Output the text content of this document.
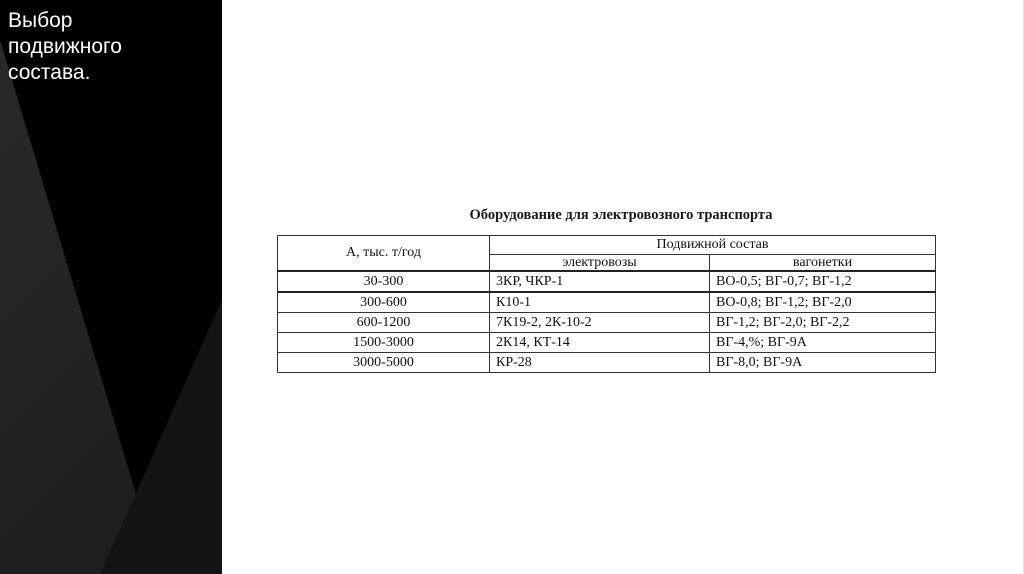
Выбор
подвижного
состава.
Оборудование для электровозного транспорта
А, тыс. т/год	Подвижной состав	
	электровозы	вагонетки
30-300	3КР, ЧКР-1	ВО-0,5; ВГ-0,7; ВГ-1,2
300-600	К10-1	ВО-0,8; ВГ-1,2; ВГ-2,0
600-1200	7К19-2, 2К-10-2	ВГ-1,2; ВГ-2,0; ВГ-2,2
1500-3000	2К14, КТ-14	ВГ-4,%; ВГ-9А
3000-5000	КР-28	ВГ-8,0; ВГ-9А
